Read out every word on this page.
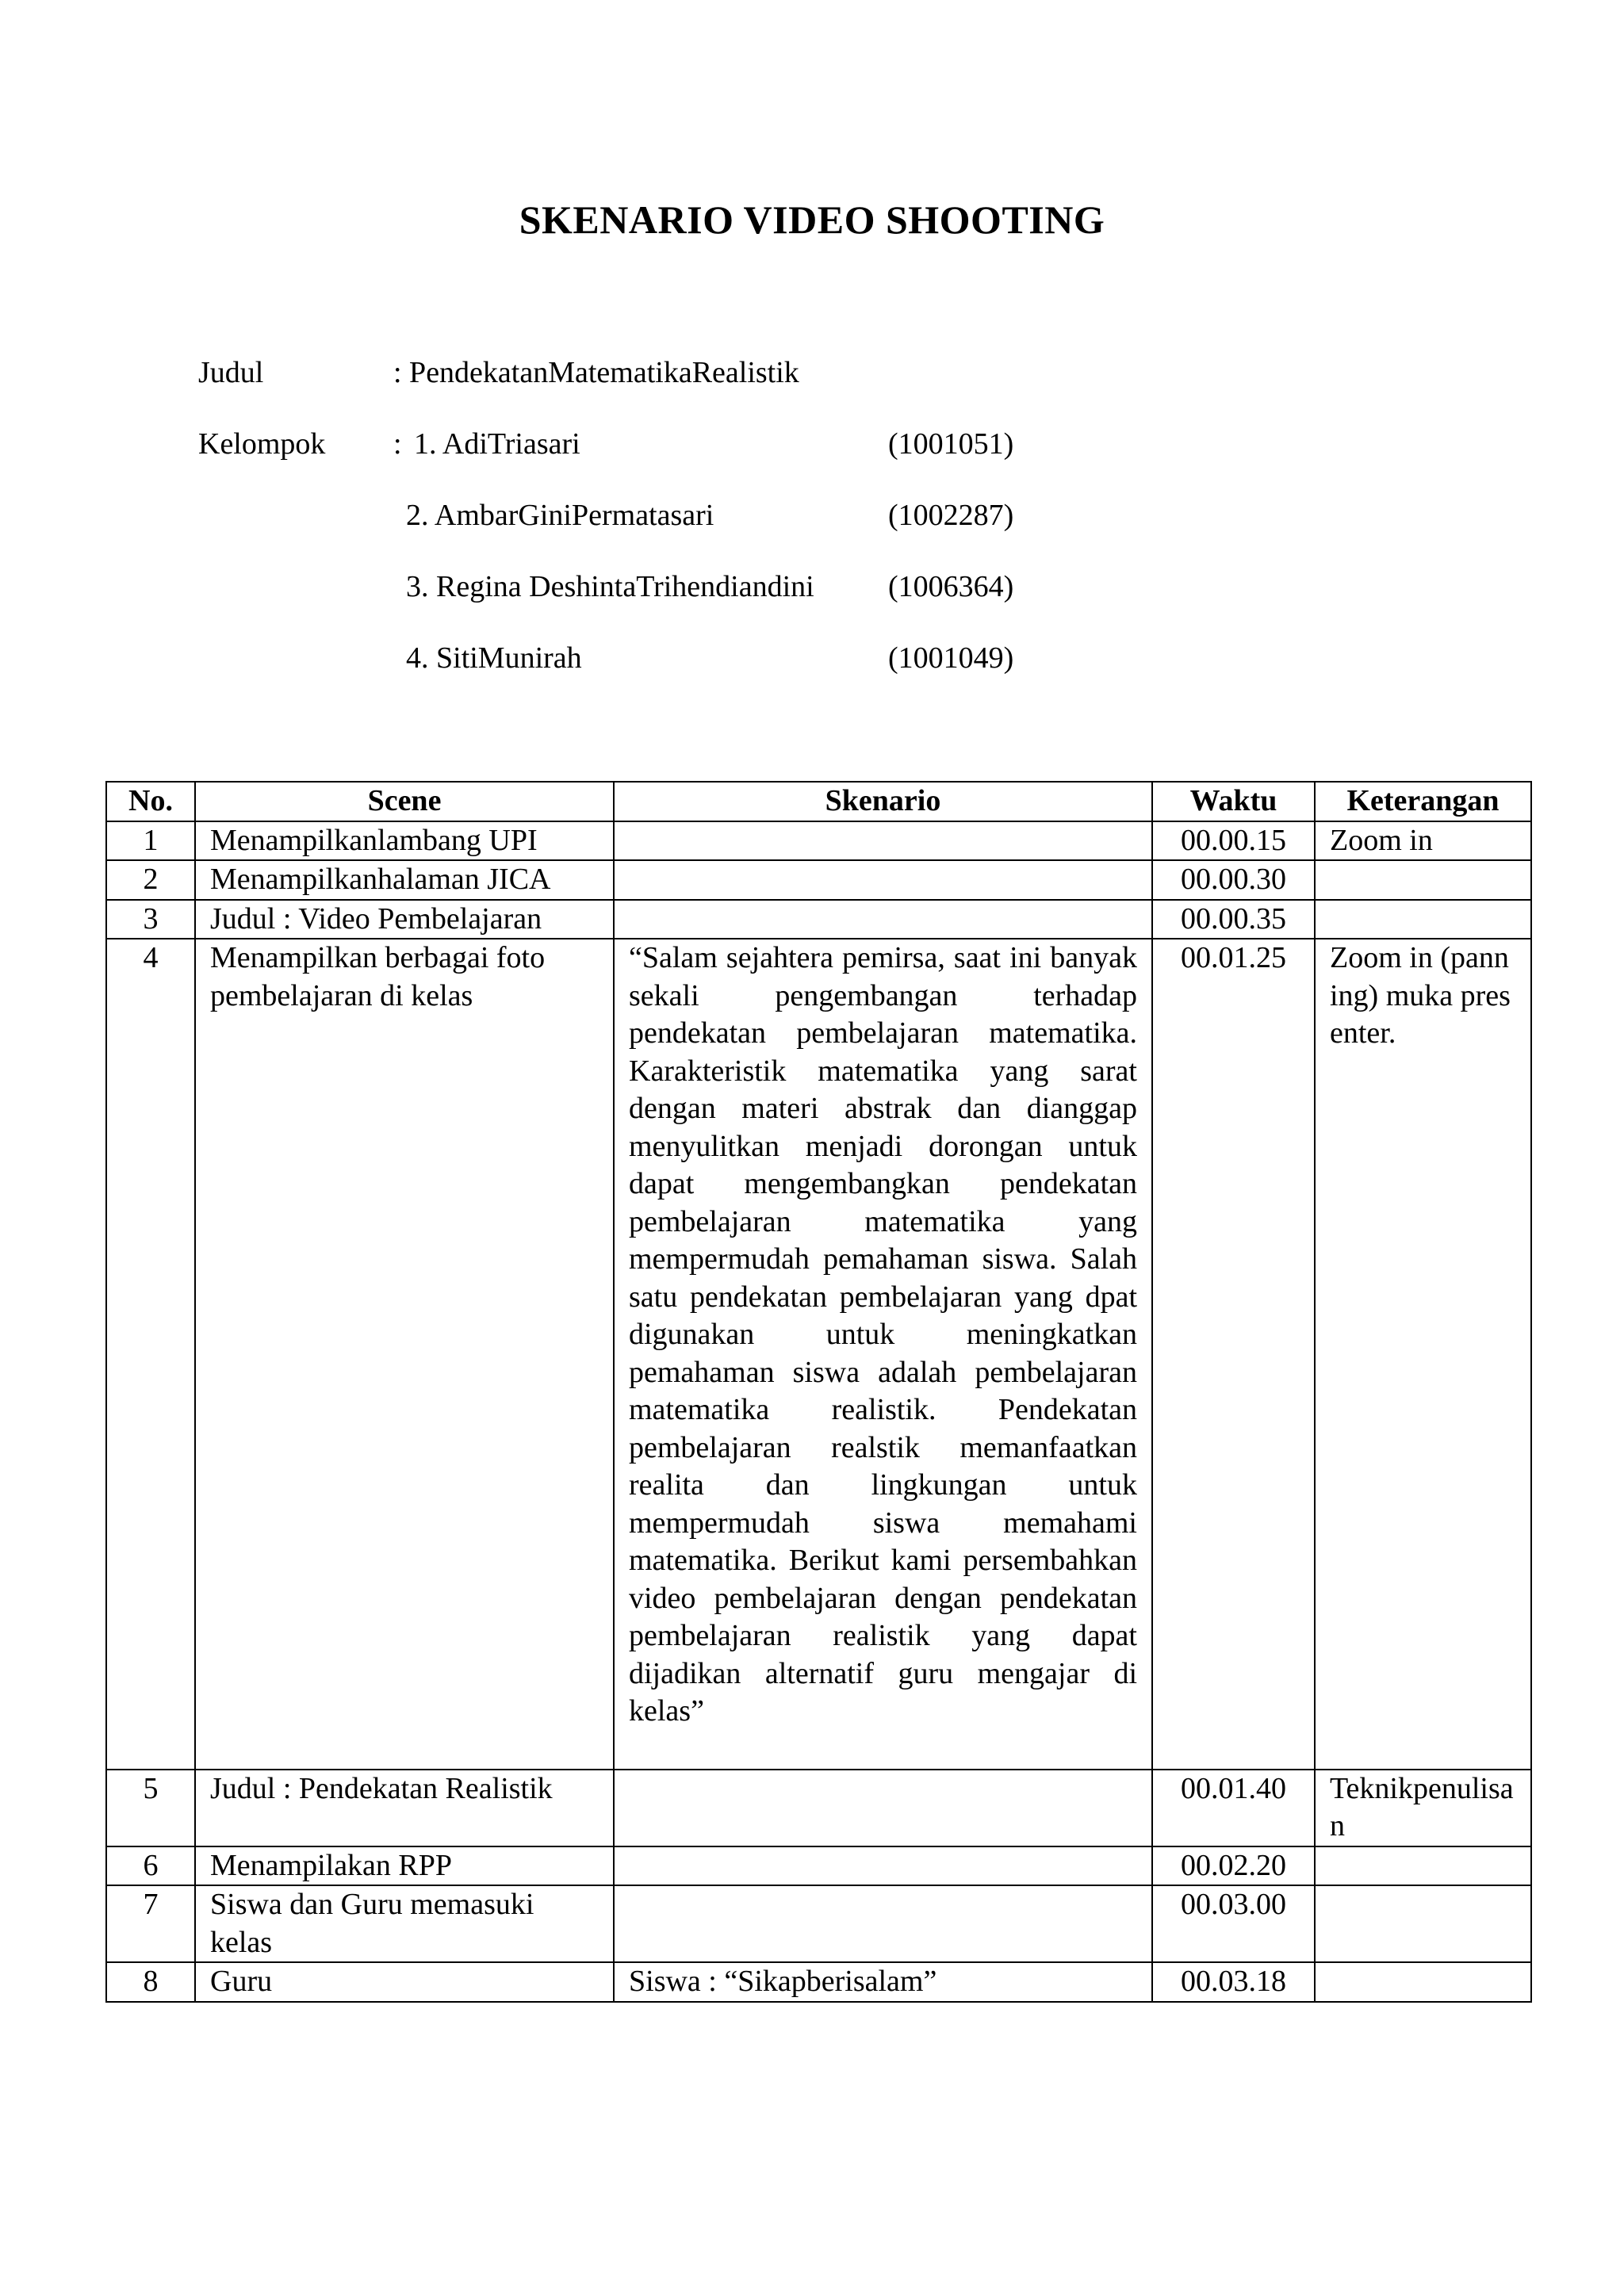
SKENARIO VIDEO SHOOTING
Judul	: PendekatanMatematikaRealistik
Kelompok : 1. AdiTriasari	(1001051)
2. AmbarGiniPermatasari	(1002287)
3. Regina DeshintaTrihendiandini (1006364)
4. SitiMunirah	(1001049)
No.	Scene	Skenario	Waktu	Keterangan
1	Menampilkanlambang UPI		00.00.15	Zoom in
2	Menampilkanhalaman JICA		00.00.30	
3	Judul : Video Pembelajaran		00.00.35	
4	Menampilkan berbagai foto pembelajaran di kelas	“Salam sejahtera pemirsa, saat ini banyak sekali pengembangan terhadap pendekatan pembelajaran matematika. Karakteristik matematika yang sarat dengan materi abstrak dan dianggap menyulitkan menjadi dorongan untuk dapat mengembangkan pendekatan pembelajaran matematika yang mempermudah pemahaman siswa. Salah satu pendekatan pembelajaran yang dpat digunakan untuk meningkatkan pemahaman siswa adalah pembelajaran matematika realistik. Pendekatan pembelajaran realstik memanfaatkan realita dan lingkungan untuk mempermudah siswa memahami matematika. Berikut kami persembahkan video pembelajaran dengan pendekatan pembelajaran realistik yang dapat dijadikan alternatif guru mengajar di kelas”	00.01.25	Zoom in (panning) muka presenter.
5	Judul : Pendekatan Realistik		00.01.40	Teknikpenulisan
6	Menampilakan RPP		00.02.20	
7	Siswa dan Guru memasuki kelas		00.03.00	
8	Guru	Siswa : “Sikapberisalam”	00.03.18	
